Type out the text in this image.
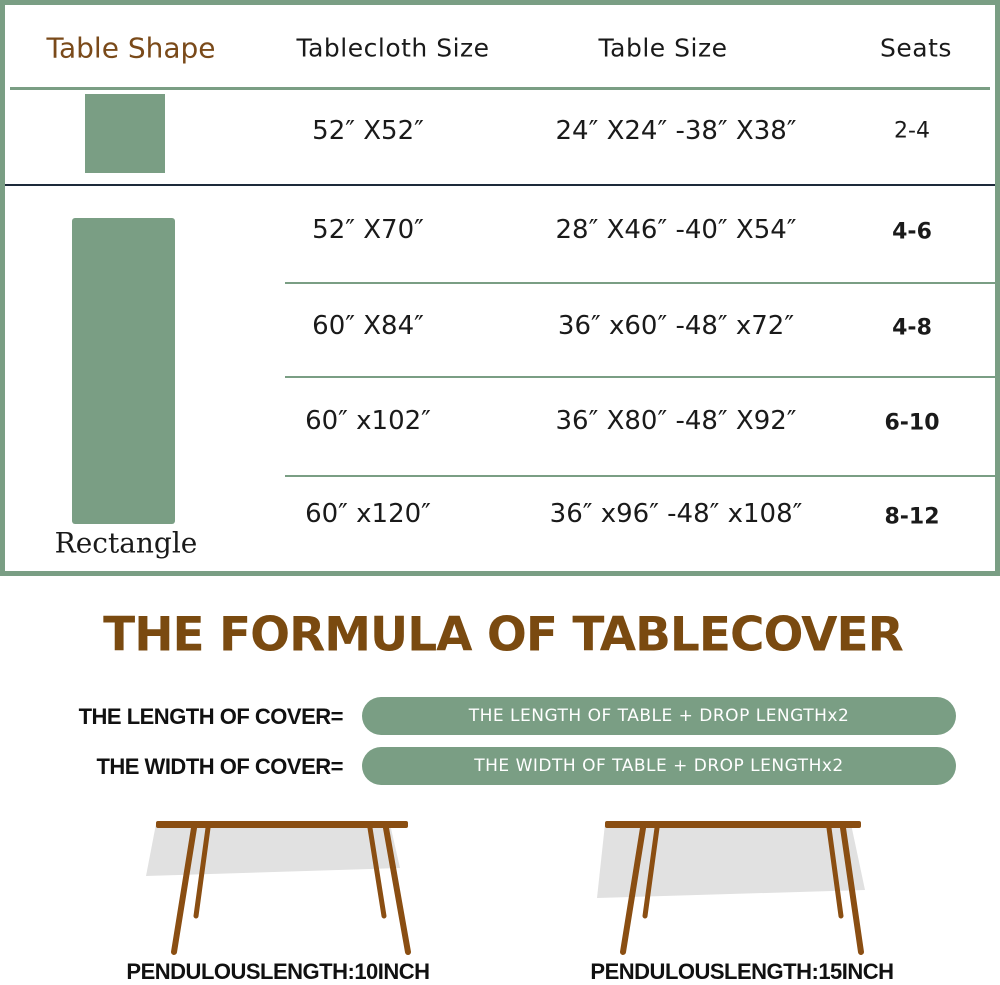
Table Shape	Tablecloth Size	Table Size	Seats
Rectangle
52″ X52″	24″ X24″ -38″ X38″	2-4
52″ X70″	28″ X46″ -40″ X54″	4-6
60″ X84″	36″ x60″ -48″ x72″	4-8
60″ x102″	36″ X80″ -48″ X92″	6-10
60″ x120″	36″ x96″ -48″ x108″	8-12
THE FORMULA OF TABLECOVER
THE LENGTH OF COVER=	THE LENGTH OF TABLE + DROP LENGTHx2
THE WIDTH OF COVER=	THE WIDTH OF TABLE + DROP LENGTHx2
PENDULOUSLENGTH:10INCH	PENDULOUSLENGTH:15INCH
